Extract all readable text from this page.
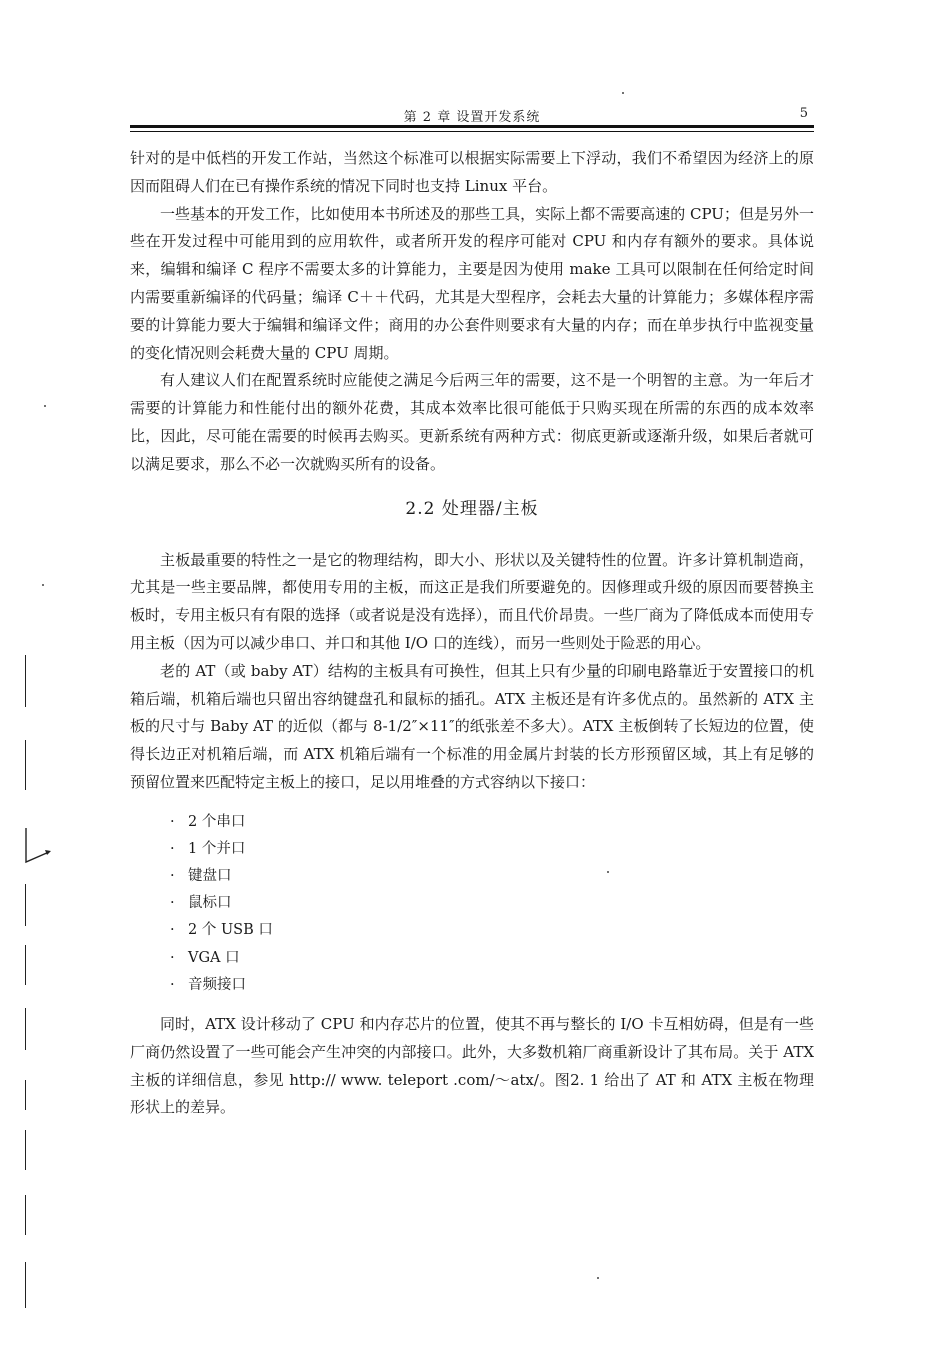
第 2 章 设置开发系统	5

针对的是中低档的开发工作站，当然这个标准可以根据实际需要上下浮动，我们不希望因为经济上的原因而阻碍人们在已有操作系统的情况下同时也支持 Linux 平台。

一些基本的开发工作，比如使用本书所述及的那些工具，实际上都不需要高速的 CPU；但是另外一些在开发过程中可能用到的应用软件，或者所开发的程序可能对 CPU 和内存有额外的要求。具体说来，编辑和编译 C 程序不需要太多的计算能力，主要是因为使用 make 工具可以限制在任何给定时间内需要重新编译的代码量；编译 C＋＋代码，尤其是大型程序，会耗去大量的计算能力；多媒体程序需要的计算能力要大于编辑和编译文件；商用的办公套件则要求有大量的内存；而在单步执行中监视变量的变化情况则会耗费大量的 CPU 周期。

有人建议人们在配置系统时应能使之满足今后两三年的需要，这不是一个明智的主意。为一年后才需要的计算能力和性能付出的额外花费，其成本效率比很可能低于只购买现在所需的东西的成本效率比，因此，尽可能在需要的时候再去购买。更新系统有两种方式：彻底更新或逐渐升级，如果后者就可以满足要求，那么不必一次就购买所有的设备。

2.2 处理器/主板

主板最重要的特性之一是它的物理结构，即大小、形状以及关键特性的位置。许多计算机制造商，尤其是一些主要品牌，都使用专用的主板，而这正是我们所要避免的。因修理或升级的原因而要替换主板时，专用主板只有有限的选择（或者说是没有选择），而且代价昂贵。一些厂商为了降低成本而使用专用主板（因为可以减少串口、并口和其他 I/O 口的连线），而另一些则处于险恶的用心。

老的 AT（或 baby AT）结构的主板具有可换性，但其上只有少量的印刷电路靠近于安置接口的机箱后端，机箱后端也只留出容纳键盘孔和鼠标的插孔。ATX 主板还是有许多优点的。虽然新的 ATX 主板的尺寸与 Baby AT 的近似（都与 8-1/2″×11″的纸张差不多大）。ATX 主板倒转了长短边的位置，使得长边正对机箱后端，而 ATX 机箱后端有一个标准的用金属片封装的长方形预留区域，其上有足够的预留位置来匹配特定主板上的接口，足以用堆叠的方式容纳以下接口：

· 2 个串口
· 1 个并口
· 键盘口
· 鼠标口
· 2 个 USB 口
· VGA 口
· 音频接口

同时，ATX 设计移动了 CPU 和内存芯片的位置，使其不再与整长的 I/O 卡互相妨碍，但是有一些厂商仍然设置了一些可能会产生冲突的内部接口。此外，大多数机箱厂商重新设计了其布局。关于 ATX 主板的详细信息，参见 http:// www. teleport .com/～atx/。图2. 1 给出了 AT 和 ATX 主板在物理形状上的差异。
